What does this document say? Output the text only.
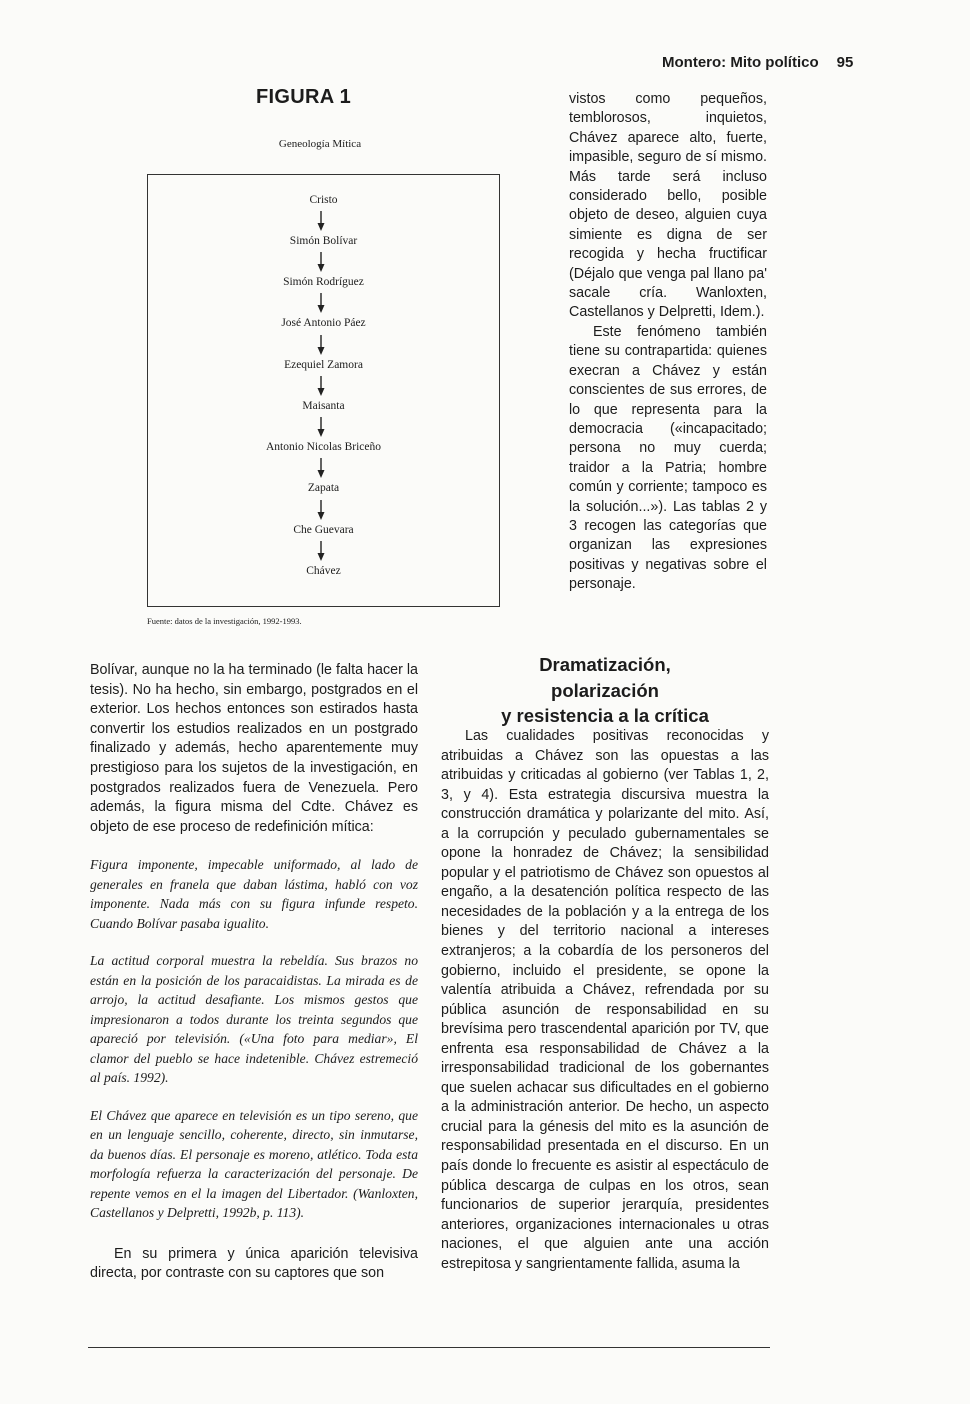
Montero: Mito político 95
FIGURA 1
Geneología Mítica
Cristo
Simón Bolívar
Simón Rodríguez
José Antonio Páez
Ezequiel Zamora
Maisanta
Antonio Nicolas Briceño
Zapata
Che Guevara
Chávez
Fuente: datos de la investigación, 1992-1993.

vistos como pequeños, temblorosos, inquietos, Chávez aparece alto, fuerte, impasible, seguro de sí mismo. Más tarde será incluso considerado bello, posible objeto de deseo, alguien cuya simiente es digna de ser recogida y hecha fructificar (Déjalo que venga pal llano pa' sacale cría. Wanloxten, Castellanos y Delpretti, Idem.).

Este fenómeno también tiene su contrapartida: quienes execran a Chávez y están conscientes de sus errores, de lo que representa para la democracia («incapacitado; persona no muy cuerda; traidor a la Patria; hombre común y corriente; tampoco es la solución...»). Las tablas 2 y 3 recogen las categorías que organizan las expresiones positivas y negativas sobre el personaje.

Bolívar, aunque no la ha terminado (le falta hacer la tesis). No ha hecho, sin embargo, postgrados en el exterior. Los hechos entonces son estirados hasta convertir los estudios realizados en un postgrado finalizado y además, hecho aparentemente muy prestigioso para los sujetos de la investigación, en postgrados realizados fuera de Venezuela. Pero además, la figura misma del Cdte. Chávez es objeto de ese proceso de redefinición mítica:

Figura imponente, impecable uniformado, al lado de generales en franela que daban lástima, habló con voz imponente. Nada más con su figura infunde respeto. Cuando Bolívar pasaba igualito.

La actitud corporal muestra la rebeldía. Sus brazos no están en la posición de los paracaidistas. La mirada es de arrojo, la actitud desafiante. Los mismos gestos que impresionaron a todos durante los treinta segundos que apareció por televisión. («Una foto para mediar», El clamor del pueblo se hace indetenible. Chávez estremeció al país. 1992).

El Chávez que aparece en televisión es un tipo sereno, que en un lenguaje sencillo, coherente, directo, sin inmutarse, da buenos días. El personaje es moreno, atlético. Toda esta morfología refuerza la caracterización del personaje. De repente vemos en el la imagen del Libertador. (Wanloxten, Castellanos y Delpretti, 1992b, p. 113).

En su primera y única aparición televisiva directa, por contraste con su captores que son

Dramatización,
polarización
y resistencia a la crítica

Las cualidades positivas reconocidas y atribuidas a Chávez son las opuestas a las atribuidas y criticadas al gobierno (ver Tablas 1, 2, 3, y 4). Esta estrategia discursiva muestra la construcción dramática y polarizante del mito. Así, a la corrupción y peculado gubernamentales se opone la honradez de Chávez; la sensibilidad popular y el patriotismo de Chávez son opuestos al engaño, a la desatención política respecto de las necesidades de la población y a la entrega de los bienes y del territorio nacional a intereses extranjeros; a la cobardía de los personeros del gobierno, incluido el presidente, se opone la valentía atribuida a Chávez, refrendada por su pública asunción de responsabilidad en su brevísima pero trascendental aparición por TV, que enfrenta esa responsabilidad de Chávez a la irresponsabilidad tradicional de los gobernantes que suelen achacar sus dificultades en el gobierno a la administración anterior. De hecho, un aspecto crucial para la génesis del mito es la asunción de responsabilidad presentada en el discurso. En un país donde lo frecuente es asistir al espectáculo de pública descarga de culpas en los otros, sean funcionarios de superior jerarquía, presidentes anteriores, organizaciones internacionales u otras naciones, el que alguien ante una acción estrepitosa y sangrientamente fallida, asuma la
